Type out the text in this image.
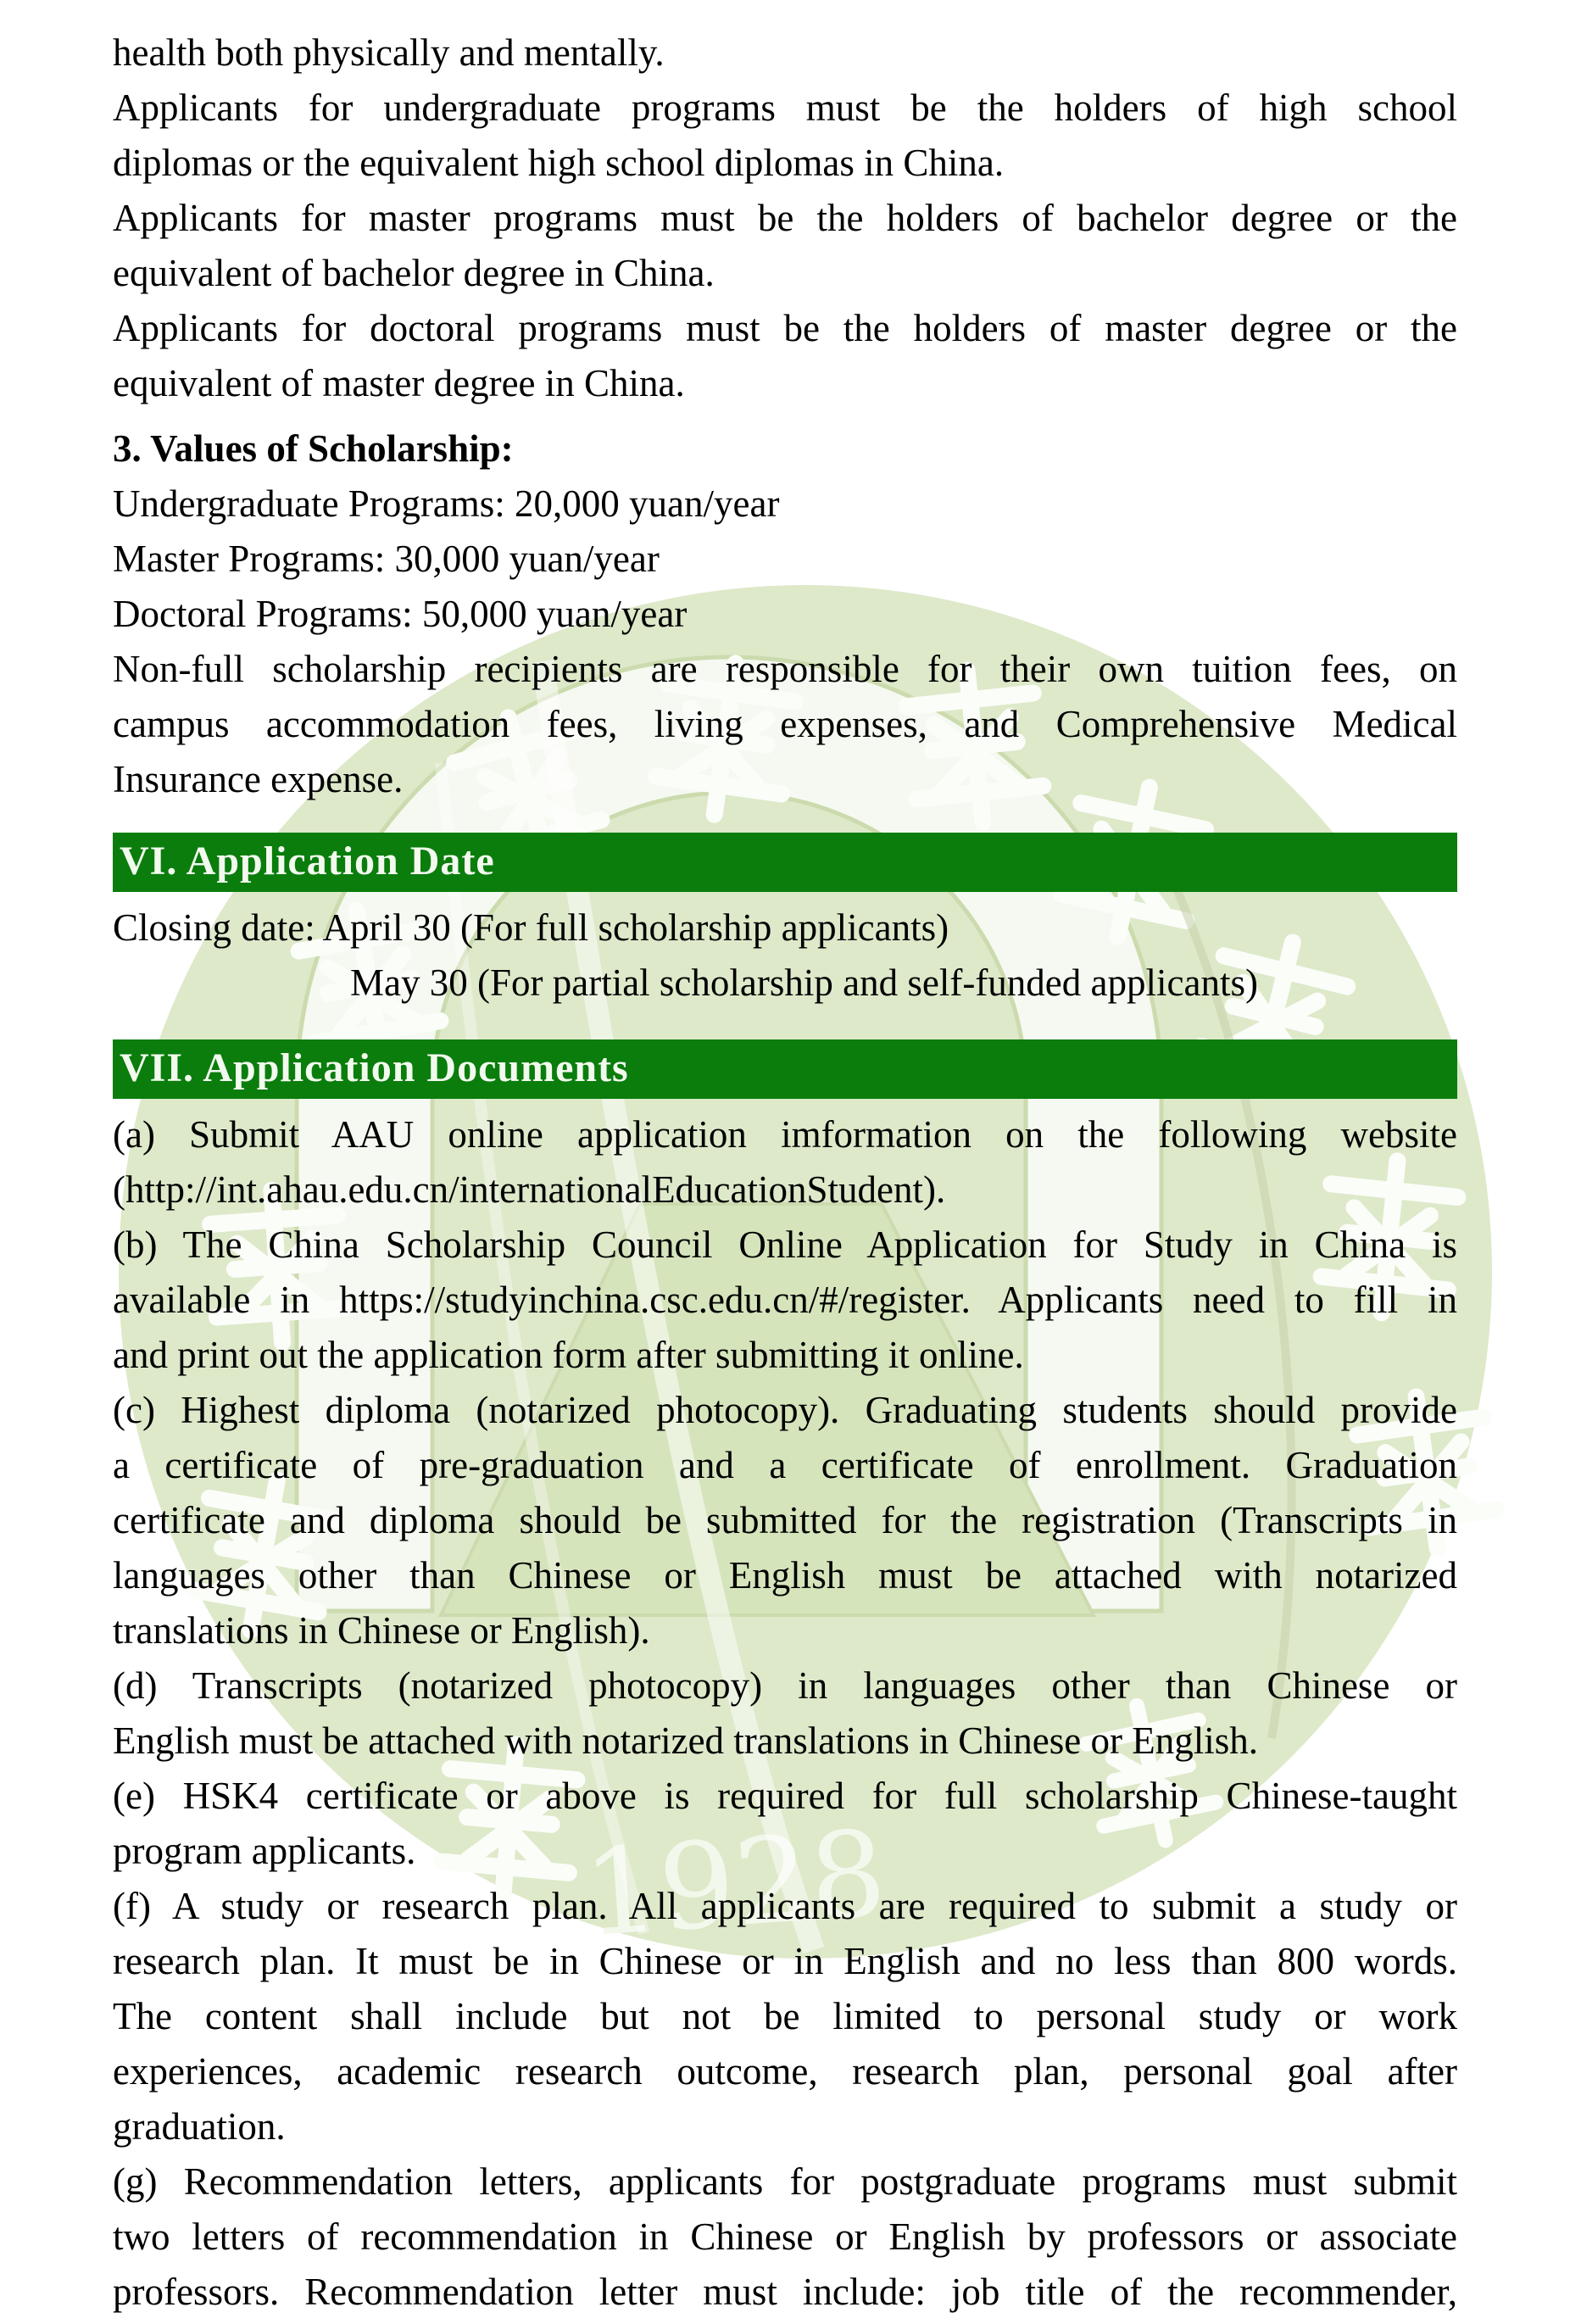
1928
health both physically and mentally.
Applicants for undergraduate programs must be the holders of high school
diplomas or the equivalent high school diplomas in China.
Applicants for master programs must be the holders of bachelor degree or the
equivalent of bachelor degree in China.
Applicants for doctoral programs must be the holders of master degree or the
equivalent of master degree in China.
3. Values of Scholarship:
Undergraduate Programs: 20,000 yuan/year
Master Programs: 30,000 yuan/year
Doctoral Programs: 50,000 yuan/year
Non-full scholarship recipients are responsible for their own tuition fees, on
campus accommodation fees, living expenses, and Comprehensive Medical
Insurance expense.
VI. Application Date
Closing date: April 30 (For full scholarship applicants)
May 30 (For partial scholarship and self-funded applicants)
VII. Application Documents
(a) Submit AAU online application imformation on the following website
(http://int.ahau.edu.cn/internationalEducationStudent).
(b) The China Scholarship Council Online Application for Study in China is
available in https://studyinchina.csc.edu.cn/#/register. Applicants need to fill in
and print out the application form after submitting it online.
(c) Highest diploma (notarized photocopy). Graduating students should provide
a certificate of pre-graduation and a certificate of enrollment. Graduation
certificate and diploma should be submitted for the registration (Transcripts in
languages other than Chinese or English must be attached with notarized
translations in Chinese or English).
(d) Transcripts (notarized photocopy) in languages other than Chinese or
English must be attached with notarized translations in Chinese or English.
(e) HSK4 certificate or above is required for full scholarship Chinese-taught
program applicants.
(f) A study or research plan. All applicants are required to submit a study or
research plan. It must be in Chinese or in English and no less than 800 words.
The content shall include but not be limited to personal study or work
experiences, academic research outcome, research plan, personal goal after
graduation.
(g) Recommendation letters, applicants for postgraduate programs must submit
two letters of recommendation in Chinese or English by professors or associate
professors. Recommendation letter must include: job title of the recommender,
